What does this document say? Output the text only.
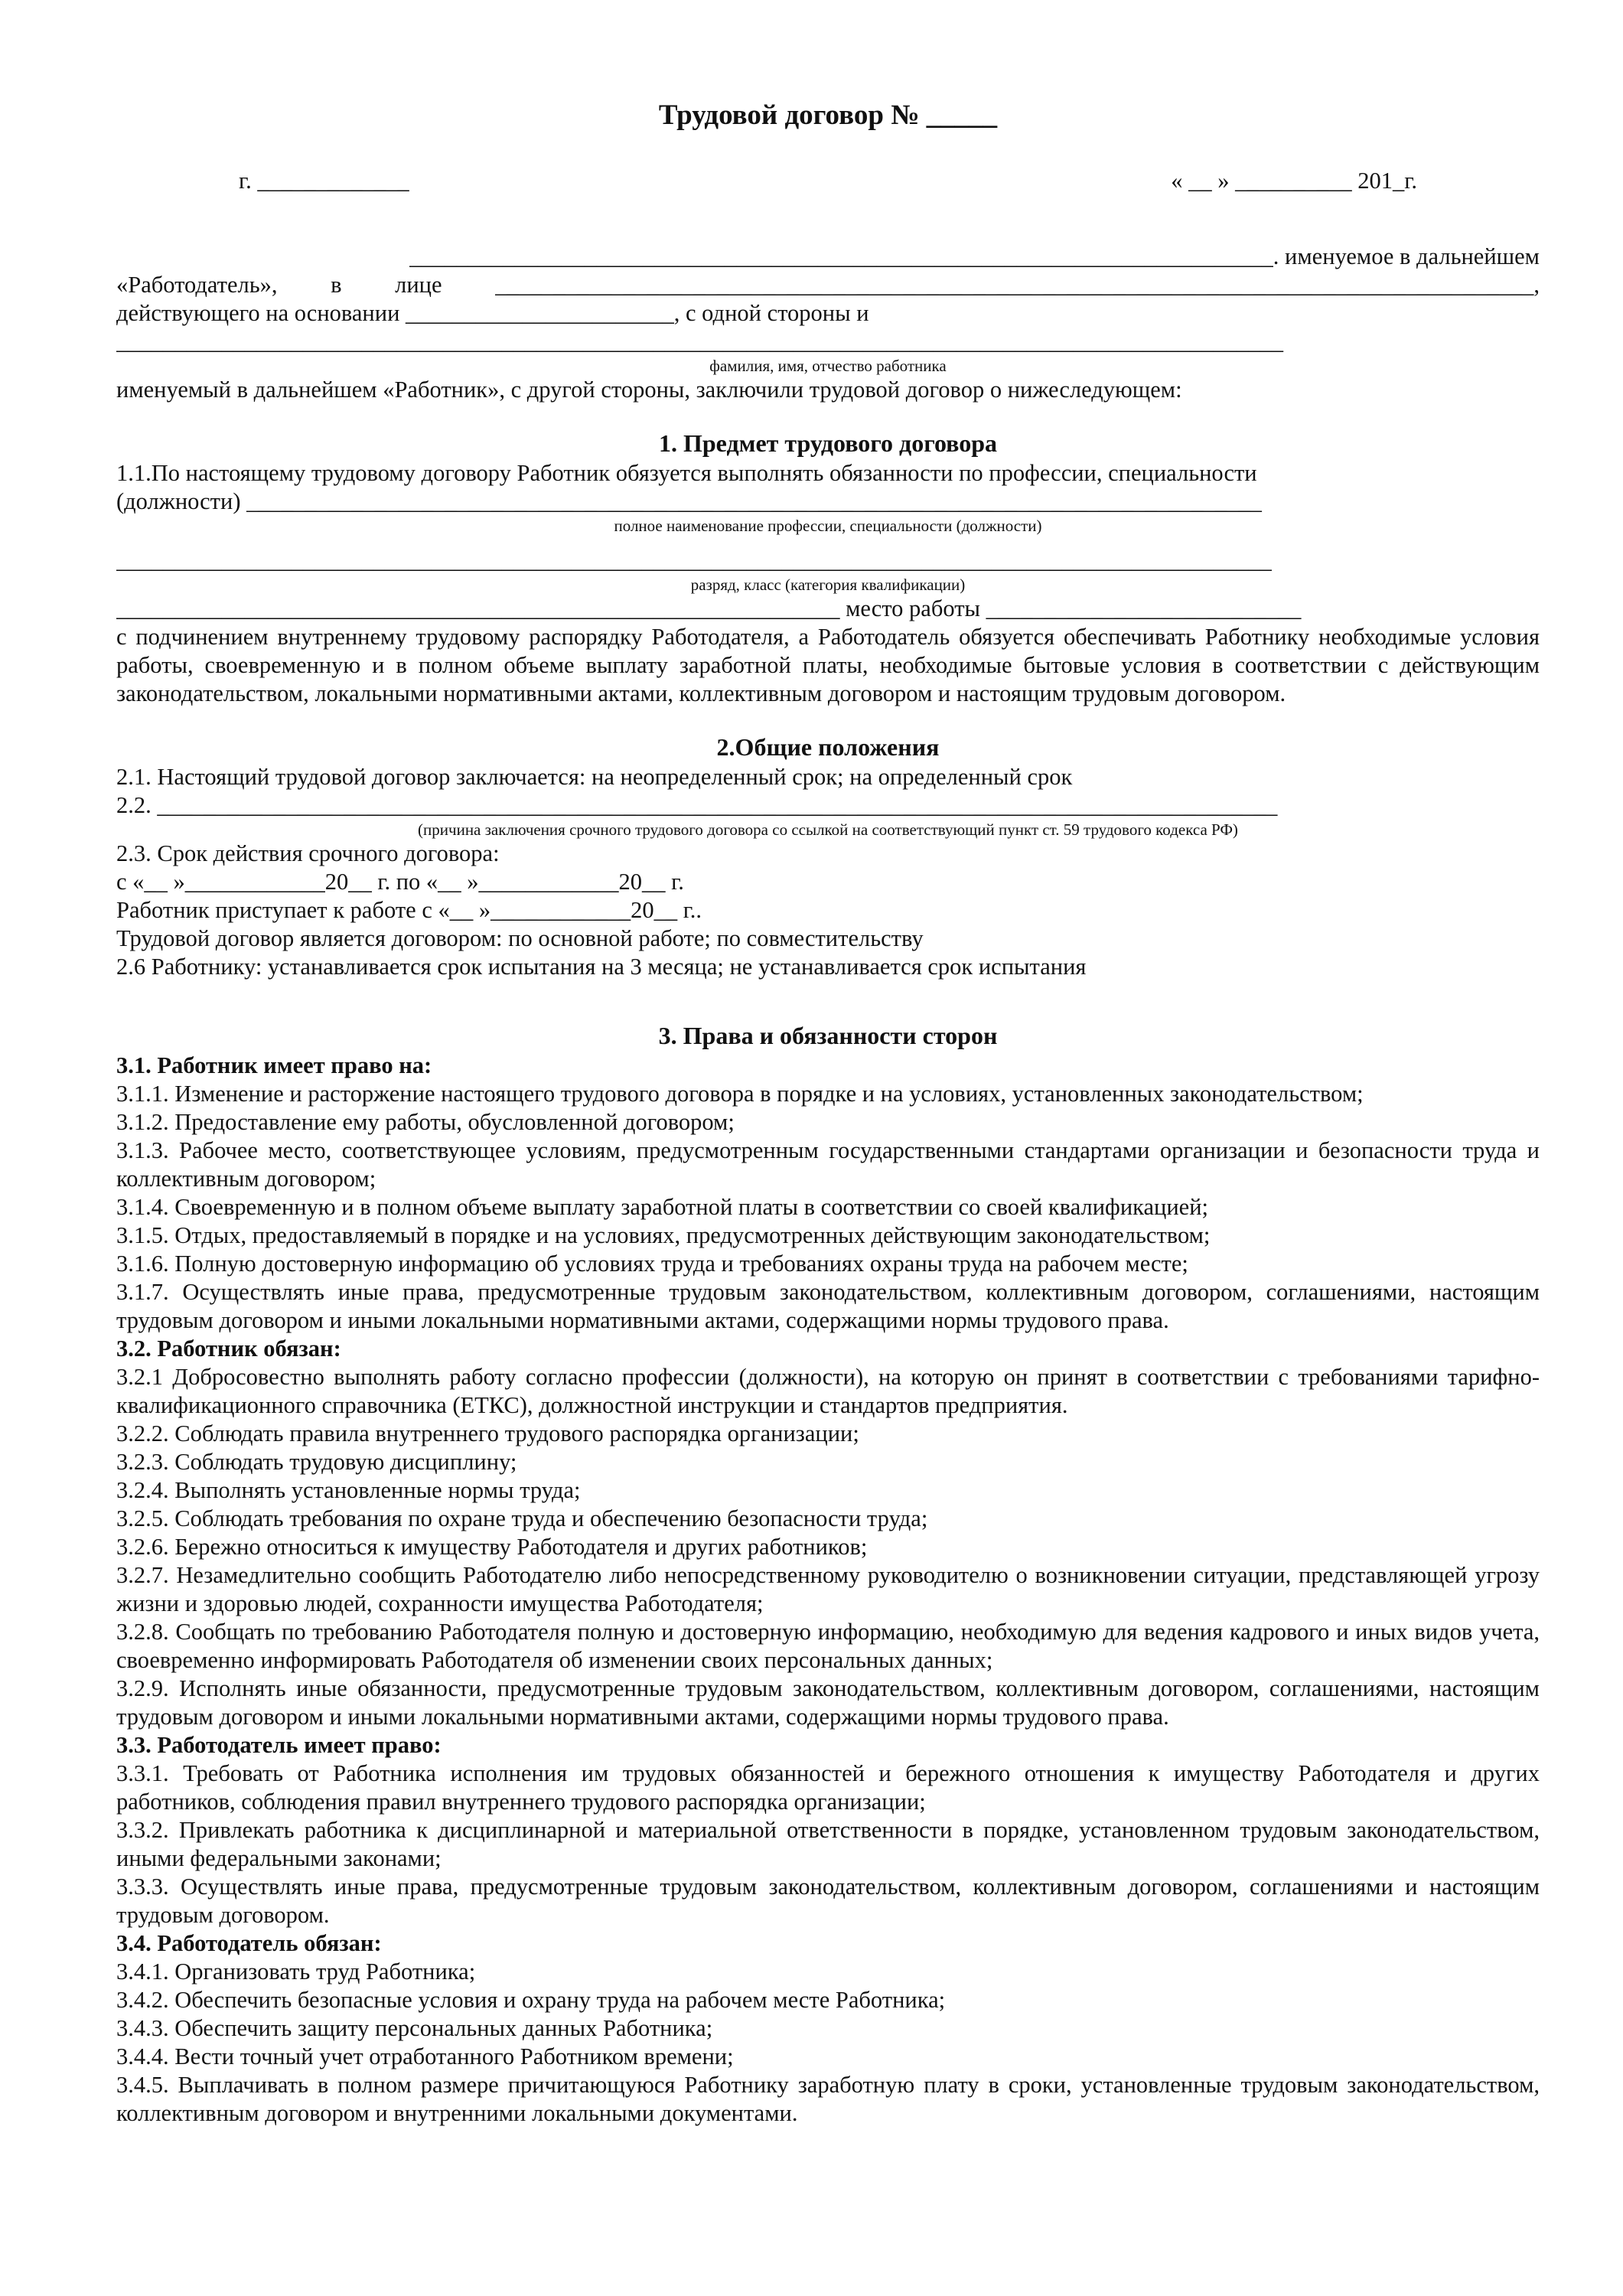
Трудовой договор № _____
г. _____________	« __ » __________ 201_г.
__________________________________________________________________________. именуемое в дальнейшем
«Работодатель», в лице _________________________________________________________________________________________,
действующего на основании _______________________, с одной стороны и
____________________________________________________________________________________________________
фамилия, имя, отчество работника
именуемый в дальнейшем «Работник», с другой стороны, заключили трудовой договор о нижеследующем:
1. Предмет трудового договора
1.1.По настоящему трудовому договору Работник обязуется выполнять обязанности по профессии, специальности
(должности) _______________________________________________________________________________________
полное наименование профессии, специальности (должности)
___________________________________________________________________________________________________
разряд, класс (категория квалификации)
______________________________________________________________ место работы ___________________________
с подчинением внутреннему трудовому распорядку Работодателя, а Работодатель обязуется обеспечивать Работнику необходимые условия работы, своевременную и в полном объеме выплату заработной платы, необходимые бытовые условия в соответствии с действующим законодательством, локальными нормативными актами, коллективным договором и настоящим трудовым договором.
2.Общие положения
2.1. Настоящий трудовой договор заключается: на неопределенный срок; на определенный срок
2.2. ________________________________________________________________________________________________
(причина заключения срочного трудового договора со ссылкой на соответствующий пункт ст. 59 трудового кодекса РФ)
2.3. Срок действия срочного договора:
с «__ »____________20__ г. по «__ »____________20__ г.
Работник приступает к работе с «__ »____________20__ г..
Трудовой договор является договором: по основной работе; по совместительству
2.6 Работнику: устанавливается срок испытания на 3 месяца; не устанавливается срок испытания
3. Права и обязанности сторон
3.1. Работник имеет право на:
3.1.1. Изменение и расторжение настоящего трудового договора в порядке и на условиях, установленных законодательством;
3.1.2. Предоставление ему работы, обусловленной договором;
3.1.3. Рабочее место, соответствующее условиям, предусмотренным государственными стандартами организации и безопасности труда и коллективным договором;
3.1.4. Своевременную и в полном объеме выплату заработной платы в соответствии со своей квалификацией;
3.1.5. Отдых, предоставляемый в порядке и на условиях, предусмотренных действующим законодательством;
3.1.6. Полную достоверную информацию об условиях труда и требованиях охраны труда на рабочем месте;
3.1.7. Осуществлять иные права, предусмотренные трудовым законодательством, коллективным договором, соглашениями, настоящим трудовым договором и иными локальными нормативными актами, содержащими нормы трудового права.
3.2. Работник обязан:
3.2.1 Добросовестно выполнять работу согласно профессии (должности), на которую он принят в соответствии с требованиями тарифно-квалификационного справочника (ЕТКС), должностной инструкции и стандартов предприятия.
3.2.2. Соблюдать правила внутреннего трудового распорядка организации;
3.2.3. Соблюдать трудовую дисциплину;
3.2.4. Выполнять установленные нормы труда;
3.2.5. Соблюдать требования по охране труда и обеспечению безопасности труда;
3.2.6. Бережно относиться к имуществу Работодателя и других работников;
3.2.7. Незамедлительно сообщить Работодателю либо непосредственному руководителю о возникновении ситуации, представляющей угрозу жизни и здоровью людей, сохранности имущества Работодателя;
3.2.8. Сообщать по требованию Работодателя полную и достоверную информацию, необходимую для ведения кадрового и иных видов учета, своевременно информировать Работодателя об изменении своих персональных данных;
3.2.9. Исполнять иные обязанности, предусмотренные трудовым законодательством, коллективным договором, соглашениями, настоящим трудовым договором и иными локальными нормативными актами, содержащими нормы трудового права.
3.3. Работодатель имеет право:
3.3.1. Требовать от Работника исполнения им трудовых обязанностей и бережного отношения к имуществу Работодателя и других работников, соблюдения правил внутреннего трудового распорядка организации;
3.3.2. Привлекать работника к дисциплинарной и материальной ответственности в порядке, установленном трудовым законодательством, иными федеральными законами;
3.3.3. Осуществлять иные права, предусмотренные трудовым законодательством, коллективным договором, соглашениями и настоящим трудовым договором.
3.4. Работодатель обязан:
3.4.1. Организовать труд Работника;
3.4.2. Обеспечить безопасные условия и охрану труда на рабочем месте Работника;
3.4.3. Обеспечить защиту персональных данных Работника;
3.4.4. Вести точный учет отработанного Работником времени;
3.4.5. Выплачивать в полном размере причитающуюся Работнику заработную плату в сроки, установленные трудовым законодательством, коллективным договором и внутренними локальными документами.
